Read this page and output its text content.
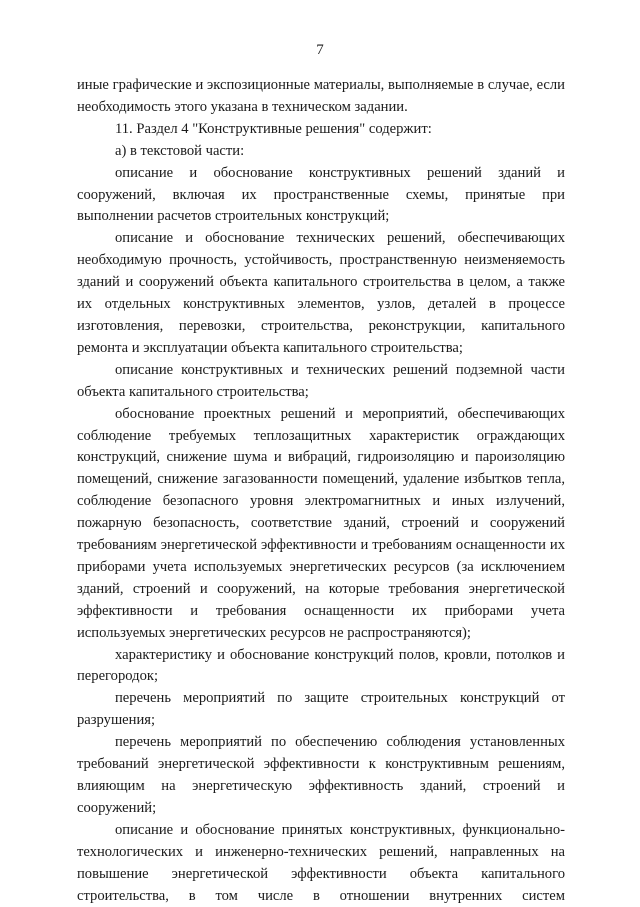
7

иные графические и экспозиционные материалы, выполняемые в случае, если необходимость этого указана в техническом задании.

11. Раздел 4 "Конструктивные решения" содержит:

а) в текстовой части:

описание и обоснование конструктивных решений зданий и сооружений, включая их пространственные схемы, принятые при выполнении расчетов строительных конструкций;

описание и обоснование технических решений, обеспечивающих необходимую прочность, устойчивость, пространственную неизменяемость зданий и сооружений объекта капитального строительства в целом, а также их отдельных конструктивных элементов, узлов, деталей в процессе изготовления, перевозки, строительства, реконструкции, капитального ремонта и эксплуатации объекта капитального строительства;

описание конструктивных и технических решений подземной части объекта капитального строительства;

обоснование проектных решений и мероприятий, обеспечивающих соблюдение требуемых теплозащитных характеристик ограждающих конструкций, снижение шума и вибраций, гидроизоляцию и пароизоляцию помещений, снижение загазованности помещений, удаление избытков тепла, соблюдение безопасного уровня электромагнитных и иных излучений, пожарную безопасность, соответствие зданий, строений и сооружений требованиям энергетической эффективности и требованиям оснащенности их приборами учета используемых энергетических ресурсов (за исключением зданий, строений и сооружений, на которые требования энергетической эффективности и требования оснащенности их приборами учета используемых энергетических ресурсов не распространяются);

характеристику и обоснование конструкций полов, кровли, потолков и перегородок;

перечень мероприятий по защите строительных конструкций от разрушения;

перечень мероприятий по обеспечению соблюдения установленных требований энергетической эффективности к конструктивным решениям, влияющим на энергетическую эффективность зданий, строений и сооружений;

описание и обоснование принятых конструктивных, функционально-технологических и инженерно-технических решений, направленных на повышение энергетической эффективности объекта капитального строительства, в том числе в отношении внутренних систем
